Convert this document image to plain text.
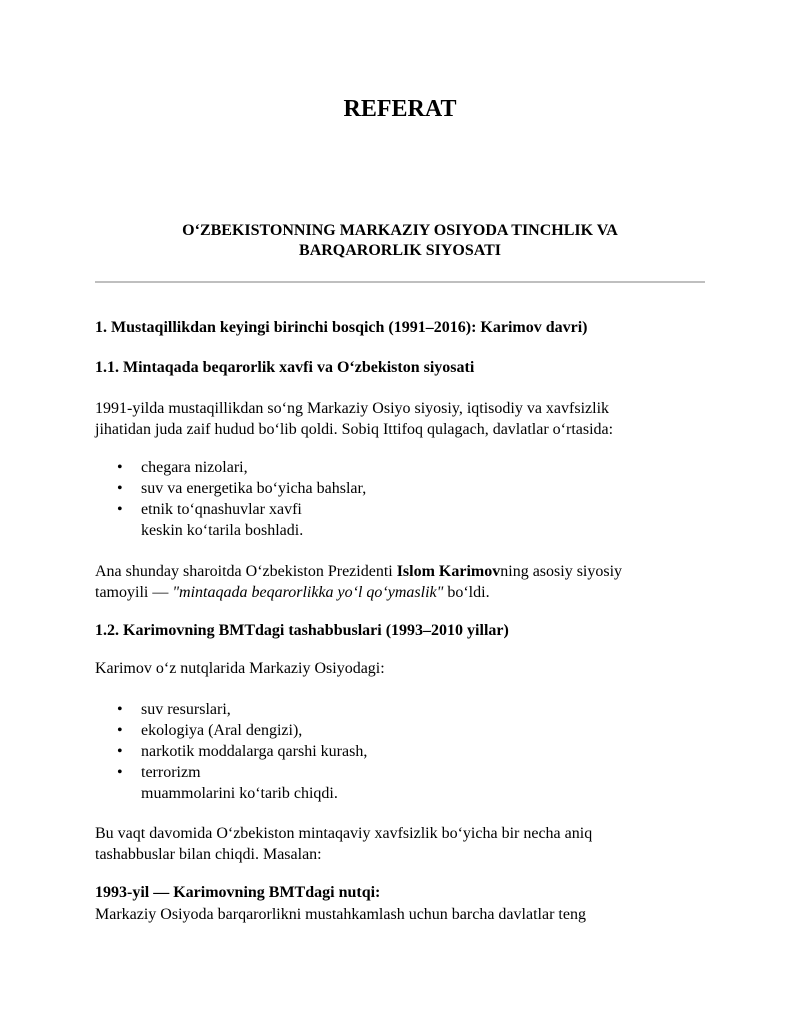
REFERAT
O‘ZBEKISTONNING MARKAZIY OSIYODA TINCHLIK VA
BARQARORLIK SIYOSATI
1. Mustaqillikdan keyingi birinchi bosqich (1991–2016): Karimov davri)
1.1. Mintaqada beqarorlik xavfi va O‘zbekiston siyosati

1991-yilda mustaqillikdan so‘ng Markaziy Osiyo siyosiy, iqtisodiy va xavfsizlik
jihatidan juda zaif hudud bo‘lib qoldi. Sobiq Ittifoq qulagach, davlatlar o‘rtasida:

• chegara nizolari,
• suv va energetika bo‘yicha bahslar,
• etnik to‘qnashuvlar xavfi
keskin ko‘tarila boshladi.

Ana shunday sharoitda O‘zbekiston Prezidenti Islom Karimovning asosiy siyosiy
tamoyili — "mintaqada beqarorlikka yo‘l qo‘ymaslik" bo‘ldi.

1.2. Karimovning BMTdagi tashabbuslari (1993–2010 yillar)

Karimov o‘z nutqlarida Markaziy Osiyodagi:

• suv resurslari,
• ekologiya (Aral dengizi),
• narkotik moddalarga qarshi kurash,
• terrorizm
muammolarini ko‘tarib chiqdi.

Bu vaqt davomida O‘zbekiston mintaqaviy xavfsizlik bo‘yicha bir necha aniq
tashabbuslar bilan chiqdi. Masalan:

1993-yil — Karimovning BMTdagi nutqi:

Markaziy Osiyoda barqarorlikni mustahkamlash uchun barcha davlatlar teng
